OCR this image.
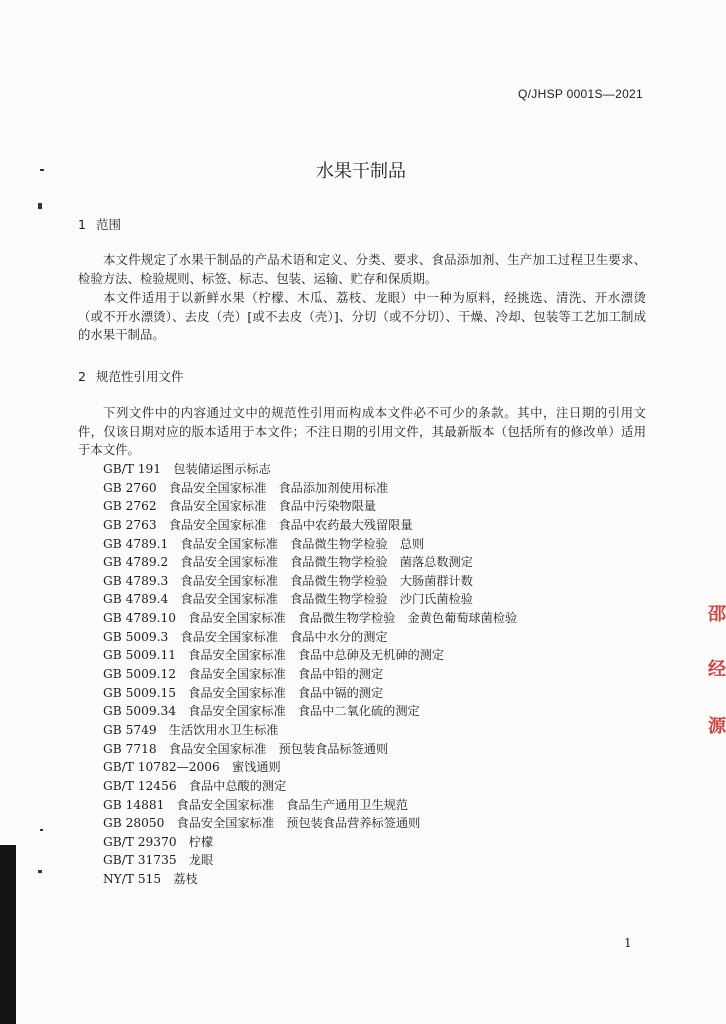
Q/JHSP 0001S—2021
水果干制品
1 范围

本文件规定了水果干制品的产品术语和定义、分类、要求、食品添加剂、生产加工过程卫生要求、检验方法、检验规则、标签、标志、包装、运输、贮存和保质期。

本文件适用于以新鲜水果（柠檬、木瓜、荔枝、龙眼）中一种为原料，经挑选、清洗、开水漂烫（或不开水漂烫）、去皮（壳）[或不去皮（壳）]、分切（或不分切）、干燥、冷却、包装等工艺加工制成的水果干制品。

2 规范性引用文件

下列文件中的内容通过文中的规范性引用而构成本文件必不可少的条款。其中，注日期的引用文件，仅该日期对应的版本适用于本文件；不注日期的引用文件，其最新版本（包括所有的修改单）适用于本文件。

GB/T 191　包装储运图示标志
GB 2760　食品安全国家标准　食品添加剂使用标准
GB 2762　食品安全国家标准　食品中污染物限量
GB 2763　食品安全国家标准　食品中农药最大残留限量
GB 4789.1　食品安全国家标准　食品微生物学检验　总则
GB 4789.2　食品安全国家标准　食品微生物学检验　菌落总数测定
GB 4789.3　食品安全国家标准　食品微生物学检验　大肠菌群计数
GB 4789.4　食品安全国家标准　食品微生物学检验　沙门氏菌检验
GB 4789.10　食品安全国家标准　食品微生物学检验　金黄色葡萄球菌检验
GB 5009.3　食品安全国家标准　食品中水分的测定
GB 5009.11　食品安全国家标准　食品中总砷及无机砷的测定
GB 5009.12　食品安全国家标准　食品中铅的测定
GB 5009.15　食品安全国家标准　食品中镉的测定
GB 5009.34　食品安全国家标准　食品中二氧化硫的测定
GB 5749　生活饮用水卫生标准
GB 7718　食品安全国家标准　预包装食品标签通则
GB/T 10782—2006　蜜饯通则
GB/T 12456　食品中总酸的测定
GB 14881　食品安全国家标准　食品生产通用卫生规范
GB 28050　食品安全国家标准　预包装食品营养标签通则
GB/T 29370　柠檬
GB/T 31735　龙眼
NY/T 515　荔枝
1
邵
经
源
